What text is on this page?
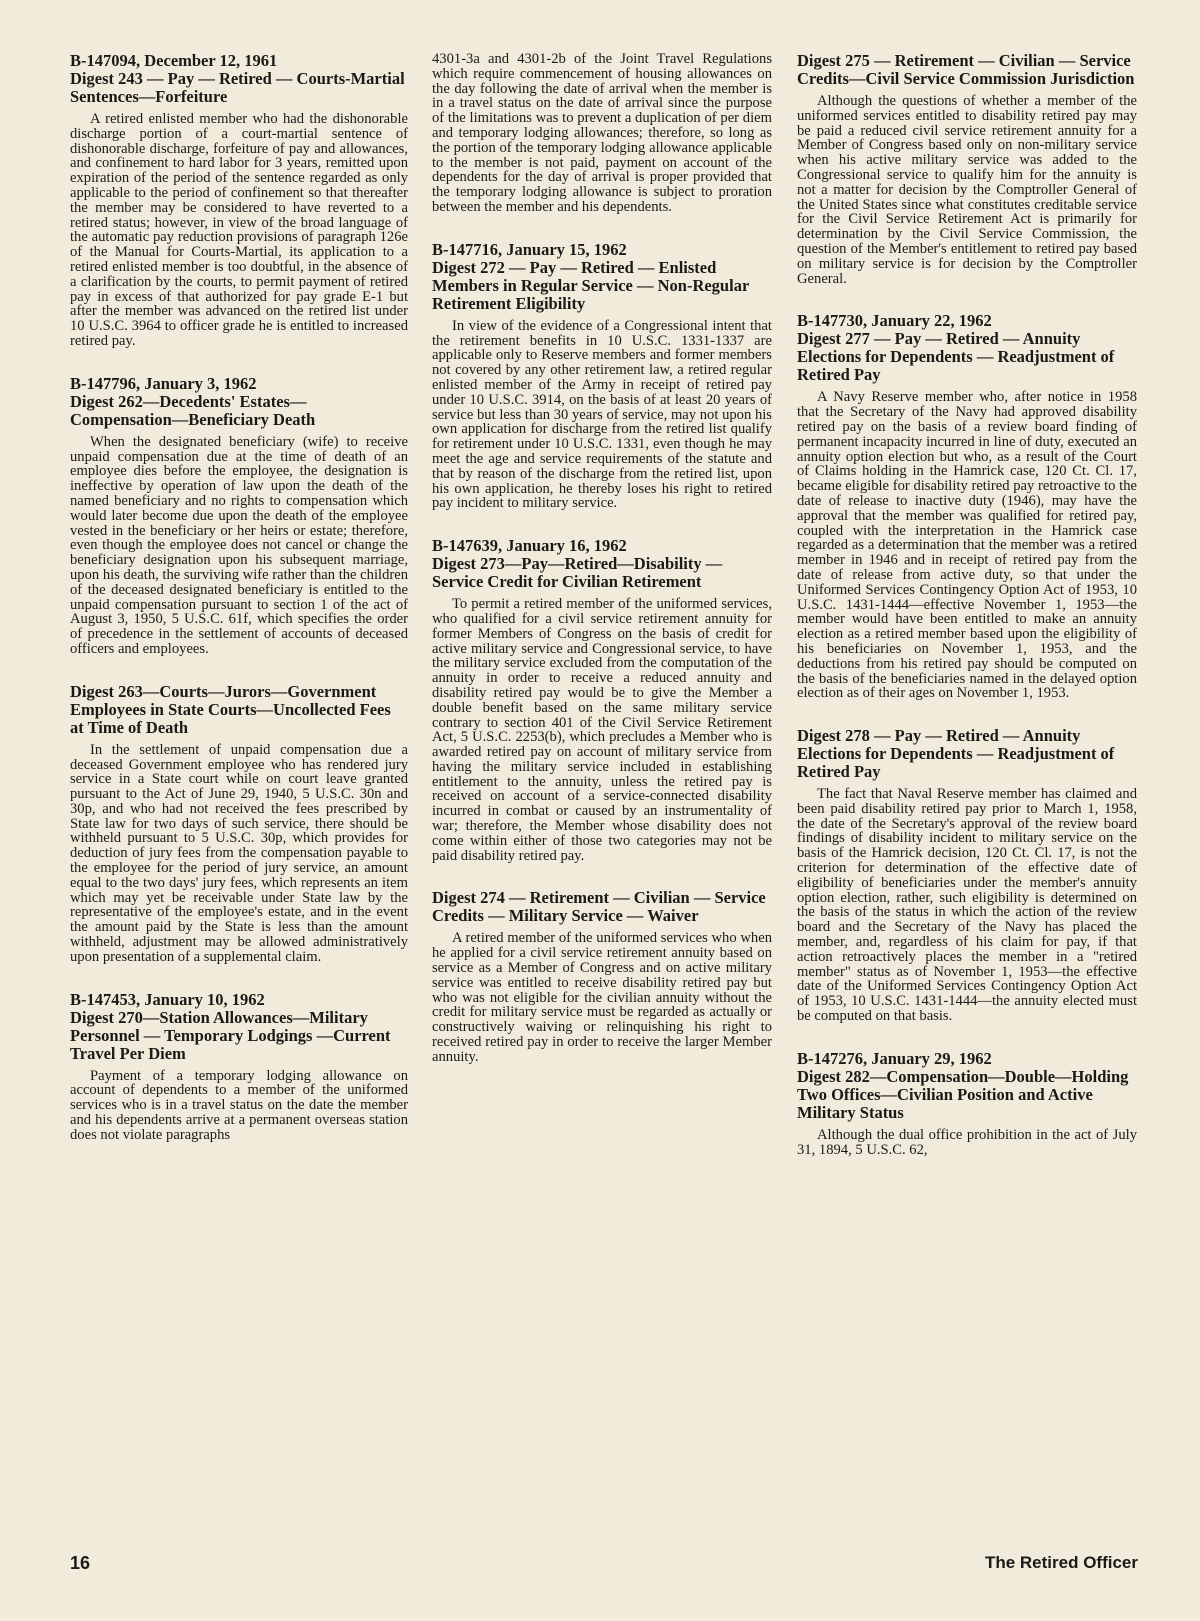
B-147094, December 12, 1961

Digest 243 — Pay — Retired — Courts-Martial Sentences—Forfeiture

A retired enlisted member who had the dishonorable discharge portion of a court-martial sentence of dishonorable discharge, forfeiture of pay and allowances, and confinement to hard labor for 3 years, remitted upon expiration of the period of the sentence regarded as only applicable to the period of confinement so that thereafter the member may be considered to have reverted to a retired status; however, in view of the broad language of the automatic pay reduction provisions of paragraph 126e of the Manual for Courts-Martial, its application to a retired enlisted member is too doubtful, in the absence of a clarification by the courts, to permit payment of retired pay in excess of that authorized for pay grade E-1 but after the member was advanced on the retired list under 10 U.S.C. 3964 to officer grade he is entitled to increased retired pay.

B-147796, January 3, 1962

Digest 262—Decedents' Estates—Compensation—Beneficiary Death

When the designated beneficiary (wife) to receive unpaid compensation due at the time of death of an employee dies before the employee, the designation is ineffective by operation of law upon the death of the named beneficiary and no rights to compensation which would later become due upon the death of the employee vested in the beneficiary or her heirs or estate; therefore, even though the employee does not cancel or change the beneficiary designation upon his subsequent marriage, upon his death, the surviving wife rather than the children of the deceased designated beneficiary is entitled to the unpaid compensation pursuant to section 1 of the act of August 3, 1950, 5 U.S.C. 61f, which specifies the order of precedence in the settlement of accounts of deceased officers and employees.

Digest 263—Courts—Jurors—Government Employees in State Courts—Uncollected Fees at Time of Death

In the settlement of unpaid compensation due a deceased Government employee who has rendered jury service in a State court while on court leave granted pursuant to the Act of June 29, 1940, 5 U.S.C. 30n and 30p, and who had not received the fees prescribed by State law for two days of such service, there should be withheld pursuant to 5 U.S.C. 30p, which provides for deduction of jury fees from the compensation payable to the employee for the period of jury service, an amount equal to the two days' jury fees, which represents an item which may yet be receivable under State law by the representative of the employee's estate, and in the event the amount paid by the State is less than the amount withheld, adjustment may be allowed administratively upon presentation of a supplemental claim.

B-147453, January 10, 1962

Digest 270—Station Allowances—Military Personnel — Temporary Lodgings —Current Travel Per Diem

Payment of a temporary lodging allowance on account of dependents to a member of the uniformed services who is in a travel status on the date the member and his dependents arrive at a permanent overseas station does not violate paragraphs

4301-3a and 4301-2b of the Joint Travel Regulations which require commencement of housing allowances on the day following the date of arrival when the member is in a travel status on the date of arrival since the purpose of the limitations was to prevent a duplication of per diem and temporary lodging allowances; therefore, so long as the portion of the temporary lodging allowance applicable to the member is not paid, payment on account of the dependents for the day of arrival is proper provided that the temporary lodging allowance is subject to proration between the member and his dependents.

B-147716, January 15, 1962

Digest 272 — Pay — Retired — Enlisted Members in Regular Service — Non-Regular Retirement Eligibility

In view of the evidence of a Congressional intent that the retirement benefits in 10 U.S.C. 1331-1337 are applicable only to Reserve members and former members not covered by any other retirement law, a retired regular enlisted member of the Army in receipt of retired pay under 10 U.S.C. 3914, on the basis of at least 20 years of service but less than 30 years of service, may not upon his own application for discharge from the retired list qualify for retirement under 10 U.S.C. 1331, even though he may meet the age and service requirements of the statute and that by reason of the discharge from the retired list, upon his own application, he thereby loses his right to retired pay incident to military service.

B-147639, January 16, 1962

Digest 273—Pay—Retired—Disability —Service Credit for Civilian Retirement

To permit a retired member of the uniformed services, who qualified for a civil service retirement annuity for former Members of Congress on the basis of credit for active military service and Congressional service, to have the military service excluded from the computation of the annuity in order to receive a reduced annuity and disability retired pay would be to give the Member a double benefit based on the same military service contrary to section 401 of the Civil Service Retirement Act, 5 U.S.C. 2253(b), which precludes a Member who is awarded retired pay on account of military service from having the military service included in establishing entitlement to the annuity, unless the retired pay is received on account of a service-connected disability incurred in combat or caused by an instrumentality of war; therefore, the Member whose disability does not come within either of those two categories may not be paid disability retired pay.

Digest 274 — Retirement — Civilian — Service Credits — Military Service — Waiver

A retired member of the uniformed services who when he applied for a civil service retirement annuity based on service as a Member of Congress and on active military service was entitled to receive disability retired pay but who was not eligible for the civilian annuity without the credit for military service must be regarded as actually or constructively waiving or relinquishing his right to received retired pay in order to receive the larger Member annuity.

Digest 275 — Retirement — Civilian — Service Credits—Civil Service Commission Jurisdiction

Although the questions of whether a member of the uniformed services entitled to disability retired pay may be paid a reduced civil service retirement annuity for a Member of Congress based only on non-military service when his active military service was added to the Congressional service to qualify him for the annuity is not a matter for decision by the Comptroller General of the United States since what constitutes creditable service for the Civil Service Retirement Act is primarily for determination by the Civil Service Commission, the question of the Member's entitlement to retired pay based on military service is for decision by the Comptroller General.

B-147730, January 22, 1962

Digest 277 — Pay — Retired — Annuity Elections for Dependents — Readjustment of Retired Pay

A Navy Reserve member who, after notice in 1958 that the Secretary of the Navy had approved disability retired pay on the basis of a review board finding of permanent incapacity incurred in line of duty, executed an annuity option election but who, as a result of the Court of Claims holding in the Hamrick case, 120 Ct. Cl. 17, became eligible for disability retired pay retroactive to the date of release to inactive duty (1946), may have the approval that the member was qualified for retired pay, coupled with the interpretation in the Hamrick case regarded as a determination that the member was a retired member in 1946 and in receipt of retired pay from the date of release from active duty, so that under the Uniformed Services Contingency Option Act of 1953, 10 U.S.C. 1431-1444—effective November 1, 1953—the member would have been entitled to make an annuity election as a retired member based upon the eligibility of his beneficiaries on November 1, 1953, and the deductions from his retired pay should be computed on the basis of the beneficiaries named in the delayed option election as of their ages on November 1, 1953.

Digest 278 — Pay — Retired — Annuity Elections for Dependents — Readjustment of Retired Pay

The fact that Naval Reserve member has claimed and been paid disability retired pay prior to March 1, 1958, the date of the Secretary's approval of the review board findings of disability incident to military service on the basis of the Hamrick decision, 120 Ct. Cl. 17, is not the criterion for determination of the effective date of eligibility of beneficiaries under the member's annuity option election, rather, such eligibility is determined on the basis of the status in which the action of the review board and the Secretary of the Navy has placed the member, and, regardless of his claim for pay, if that action retroactively places the member in a "retired member" status as of November 1, 1953—the effective date of the Uniformed Services Contingency Option Act of 1953, 10 U.S.C. 1431-1444—the annuity elected must be computed on that basis.

B-147276, January 29, 1962

Digest 282—Compensation—Double—Holding Two Offices—Civilian Position and Active Military Status

Although the dual office prohibition in the act of July 31, 1894, 5 U.S.C. 62,

16	The Retired Officer
